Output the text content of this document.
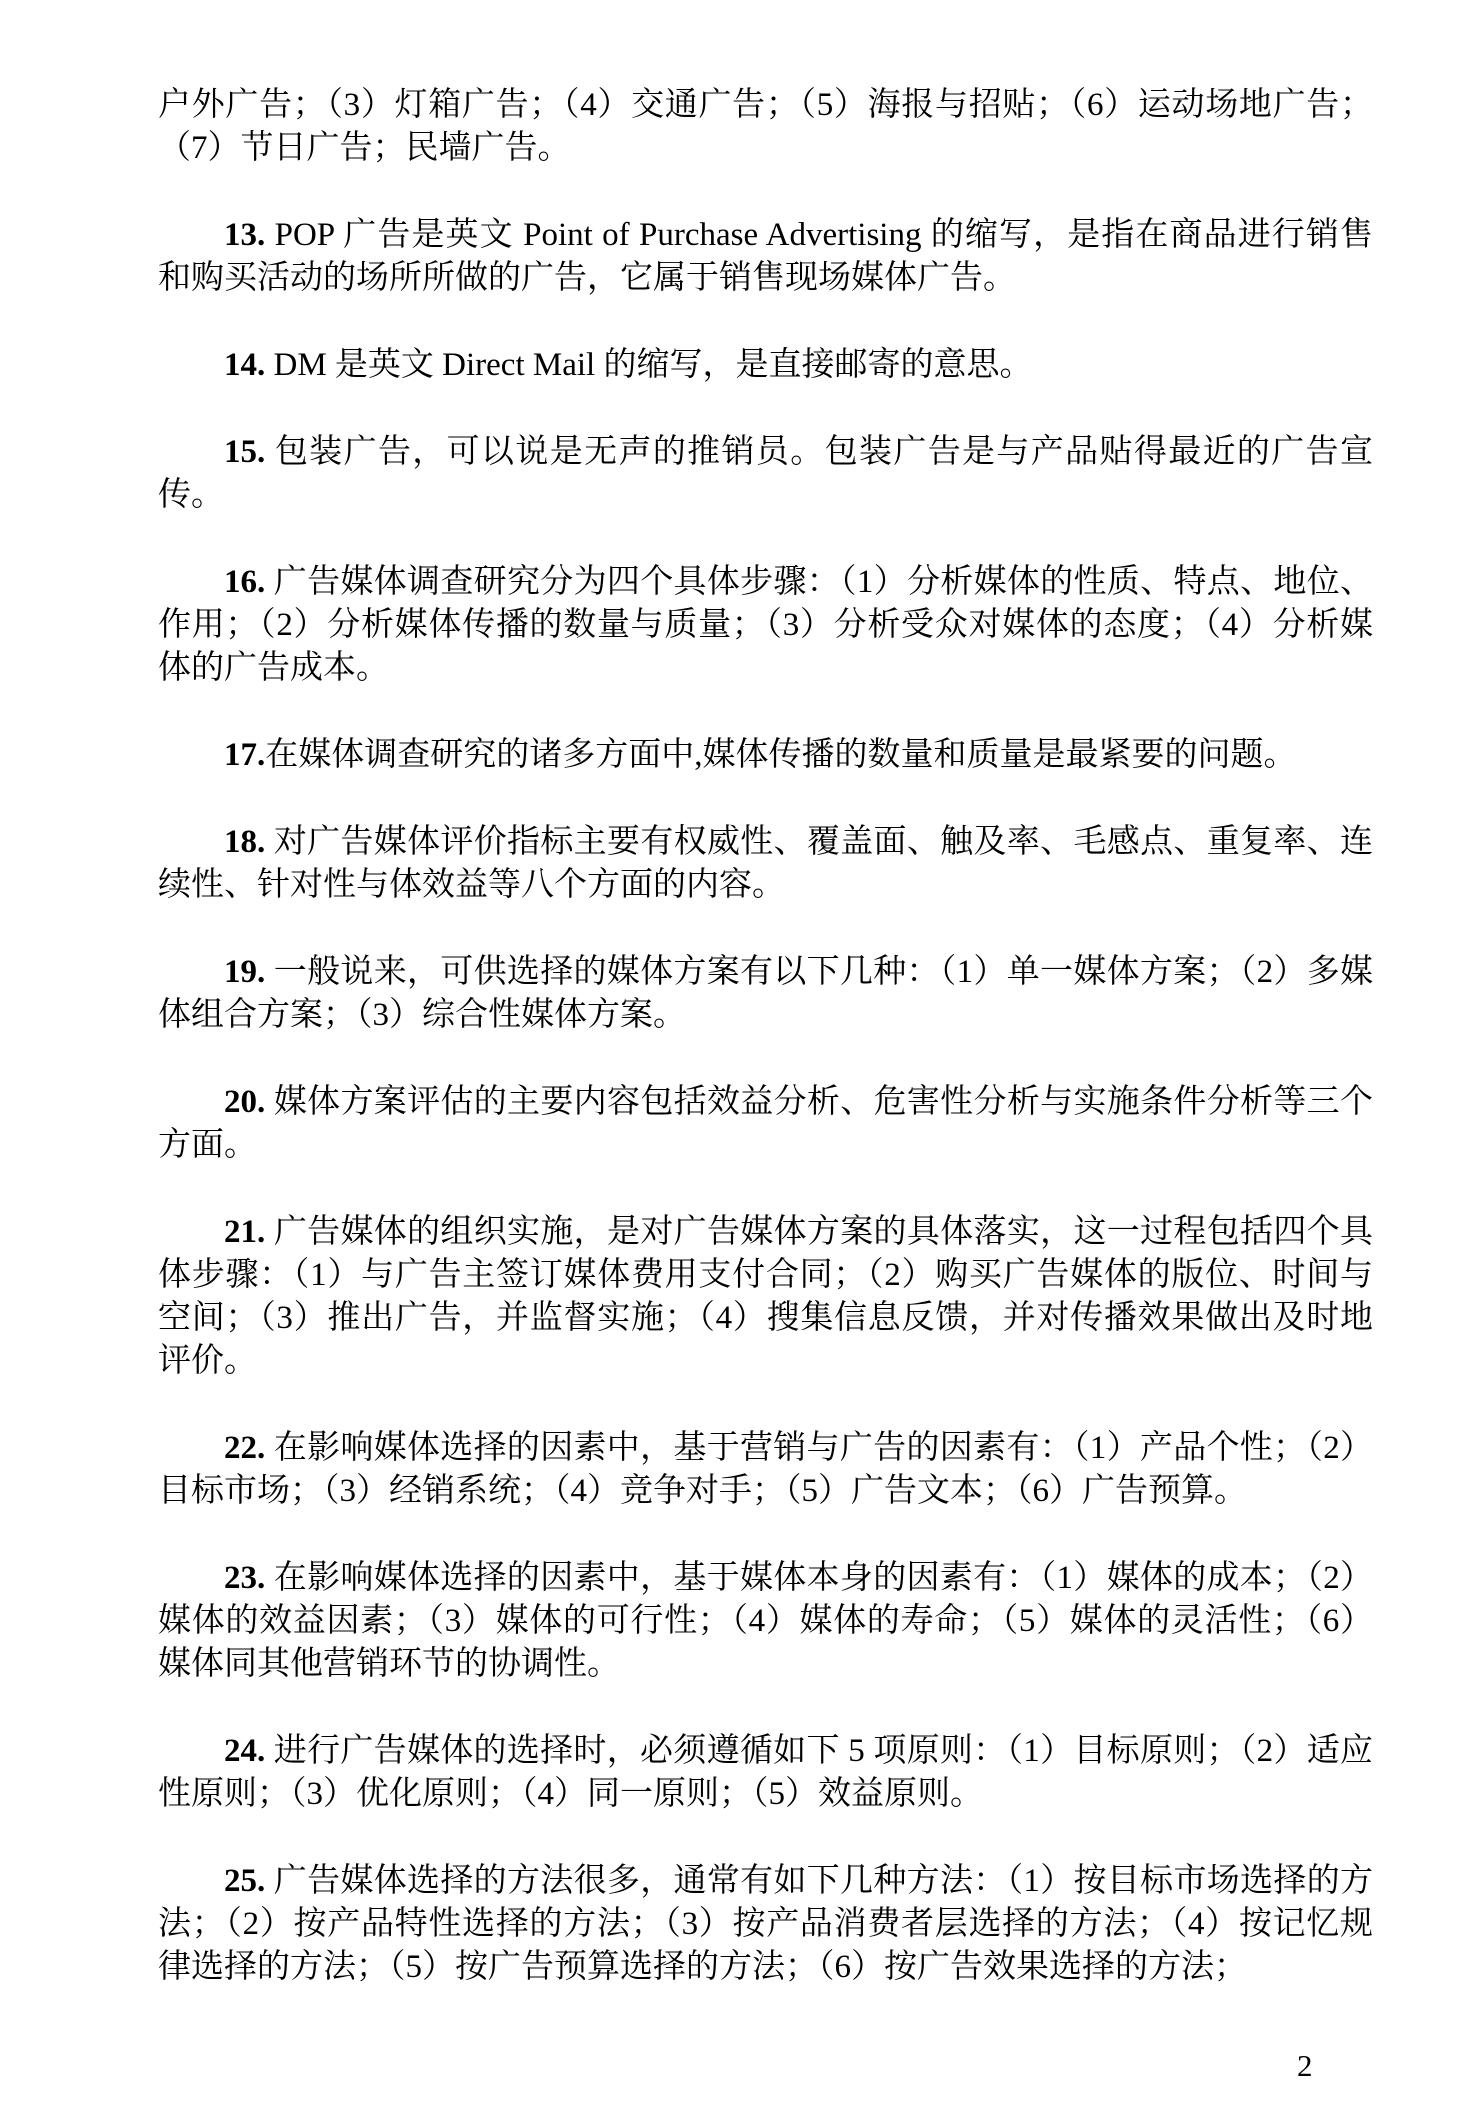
户外广告；（3）灯箱广告；（4）交通广告；（5）海报与招贴；（6）运动场地广告；（7）节日广告；民墙广告。

13. POP 广告是英文 Point of Purchase Advertising 的缩写，是指在商品进行销售和购买活动的场所所做的广告，它属于销售现场媒体广告。

14. DM 是英文 Direct Mail 的缩写，是直接邮寄的意思。

15. 包装广告，可以说是无声的推销员。包装广告是与产品贴得最近的广告宣传。

16. 广告媒体调查研究分为四个具体步骤：（1）分析媒体的性质、特点、地位、作用；（2）分析媒体传播的数量与质量；（3）分析受众对媒体的态度；（4）分析媒体的广告成本。

17.在媒体调查研究的诸多方面中,媒体传播的数量和质量是最紧要的问题。

18. 对广告媒体评价指标主要有权威性、覆盖面、触及率、毛感点、重复率、连续性、针对性与体效益等八个方面的内容。

19. 一般说来，可供选择的媒体方案有以下几种：（1）单一媒体方案；（2）多媒体组合方案；（3）综合性媒体方案。

20. 媒体方案评估的主要内容包括效益分析、危害性分析与实施条件分析等三个方面。

21. 广告媒体的组织实施，是对广告媒体方案的具体落实，这一过程包括四个具体步骤：（1）与广告主签订媒体费用支付合同；（2）购买广告媒体的版位、时间与空间；（3）推出广告，并监督实施；（4）搜集信息反馈，并对传播效果做出及时地评价。

22. 在影响媒体选择的因素中，基于营销与广告的因素有：（1）产品个性；（2）目标市场；（3）经销系统；（4）竞争对手；（5）广告文本；（6）广告预算。

23. 在影响媒体选择的因素中，基于媒体本身的因素有：（1）媒体的成本；（2）媒体的效益因素；（3）媒体的可行性；（4）媒体的寿命；（5）媒体的灵活性；（6）媒体同其他营销环节的协调性。

24. 进行广告媒体的选择时，必须遵循如下 5 项原则：（1）目标原则；（2）适应性原则；（3）优化原则；（4）同一原则；（5）效益原则。

25. 广告媒体选择的方法很多，通常有如下几种方法：（1）按目标市场选择的方法；（2）按产品特性选择的方法；（3）按产品消费者层选择的方法；（4）按记忆规律选择的方法；（5）按广告预算选择的方法；（6）按广告效果选择的方法；

2
